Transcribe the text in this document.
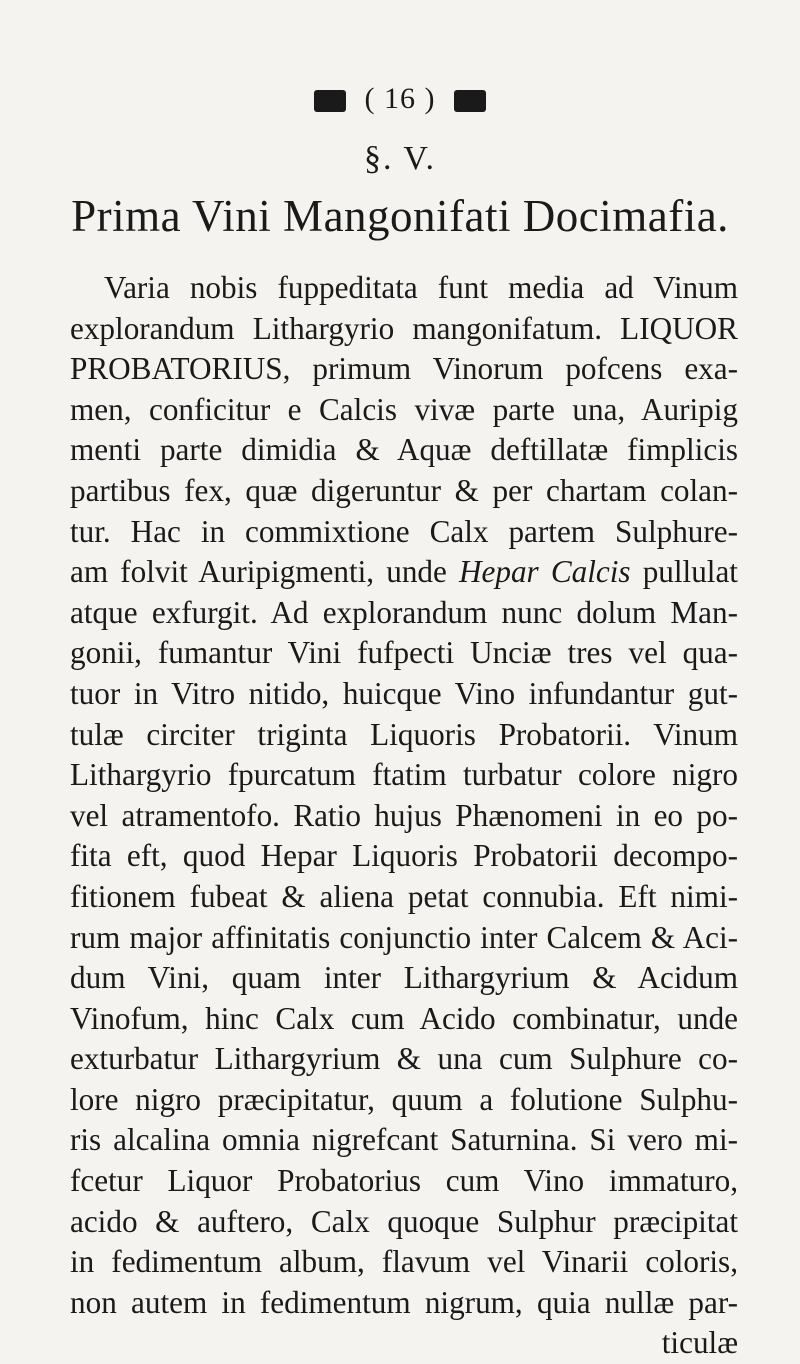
( 16 )
§. V.
Prima Vini Mangonifati Docimafia.
Varia nobis fuppeditata funt media ad Vinum
explorandum Lithargyrio mangonifatum. LIQUOR
PROBATORIUS, primum Vinorum pofcens exa-
men, conficitur e Calcis vivæ parte una, Auripig
menti parte dimidia & Aquæ deftillatæ fimplicis
partibus fex, quæ digeruntur & per chartam colan-
tur. Hac in commixtione Calx partem Sulphure-
am folvit Auripigmenti, unde Hepar Calcis pullulat
atque exfurgit. Ad explorandum nunc dolum Man-
gonii, fumantur Vini fufpecti Unciæ tres vel qua-
tuor in Vitro nitido, huicque Vino infundantur gut-
tulæ circiter triginta Liquoris Probatorii. Vinum
Lithargyrio fpurcatum ftatim turbatur colore nigro
vel atramentofo. Ratio hujus Phænomeni in eo po-
fita eft, quod Hepar Liquoris Probatorii decompo-
fitionem fubeat & aliena petat connubia. Eft nimi-
rum major affinitatis conjunctio inter Calcem & Aci-
dum Vini, quam inter Lithargyrium & Acidum
Vinofum, hinc Calx cum Acido combinatur, unde
exturbatur Lithargyrium & una cum Sulphure co-
lore nigro præcipitatur, quum a folutione Sulphu-
ris alcalina omnia nigrefcant Saturnina. Si vero mi-
fcetur Liquor Probatorius cum Vino immaturo,
acido & auftero, Calx quoque Sulphur præcipitat
in fedimentum album, flavum vel Vinarii coloris,
non autem in fedimentum nigrum, quia nullæ par-
ticulæ
